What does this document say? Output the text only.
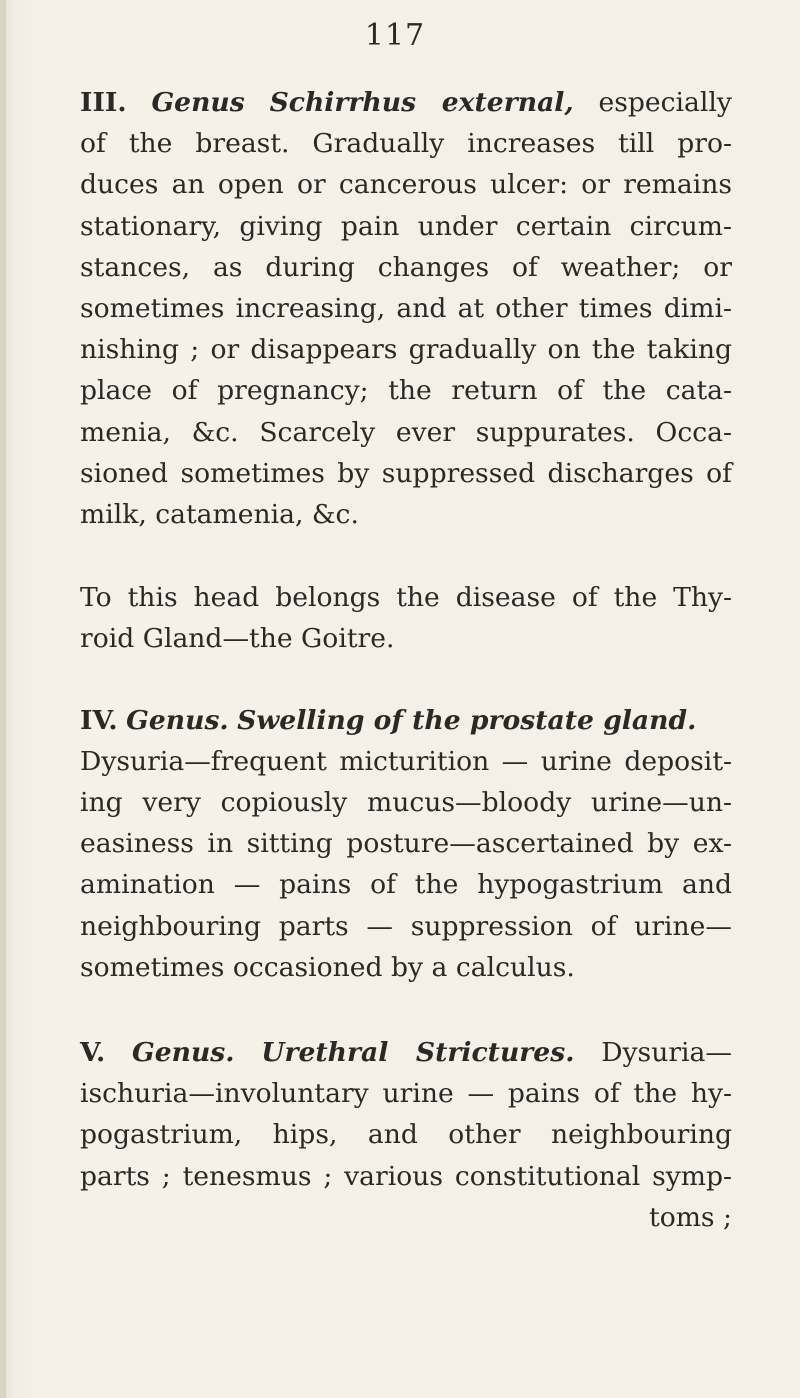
117

III. Genus Schirrhus external, especially
of the breast. Gradually increases till pro-
duces an open or cancerous ulcer: or remains
stationary, giving pain under certain circum-
stances, as during changes of weather; or
sometimes increasing, and at other times dimi-
nishing ; or disappears gradually on the taking
place of pregnancy; the return of the cata-
menia, &c. Scarcely ever suppurates. Occa-
sioned sometimes by suppressed discharges of
milk, catamenia, &c.

To this head belongs the disease of the Thy-
roid Gland—the Goitre.

IV. Genus. Swelling of the prostate gland.
Dysuria—frequent micturition — urine deposit-
ing very copiously mucus—bloody urine—un-
easiness in sitting posture—ascertained by ex-
amination — pains of the hypogastrium and
neighbouring parts — suppression of urine—
sometimes occasioned by a calculus.

V. Genus. Urethral Strictures. Dysuria—
ischuria—involuntary urine — pains of the hy-
pogastrium, hips, and other neighbouring
parts ; tenesmus ; various constitutional symp-
toms ;
